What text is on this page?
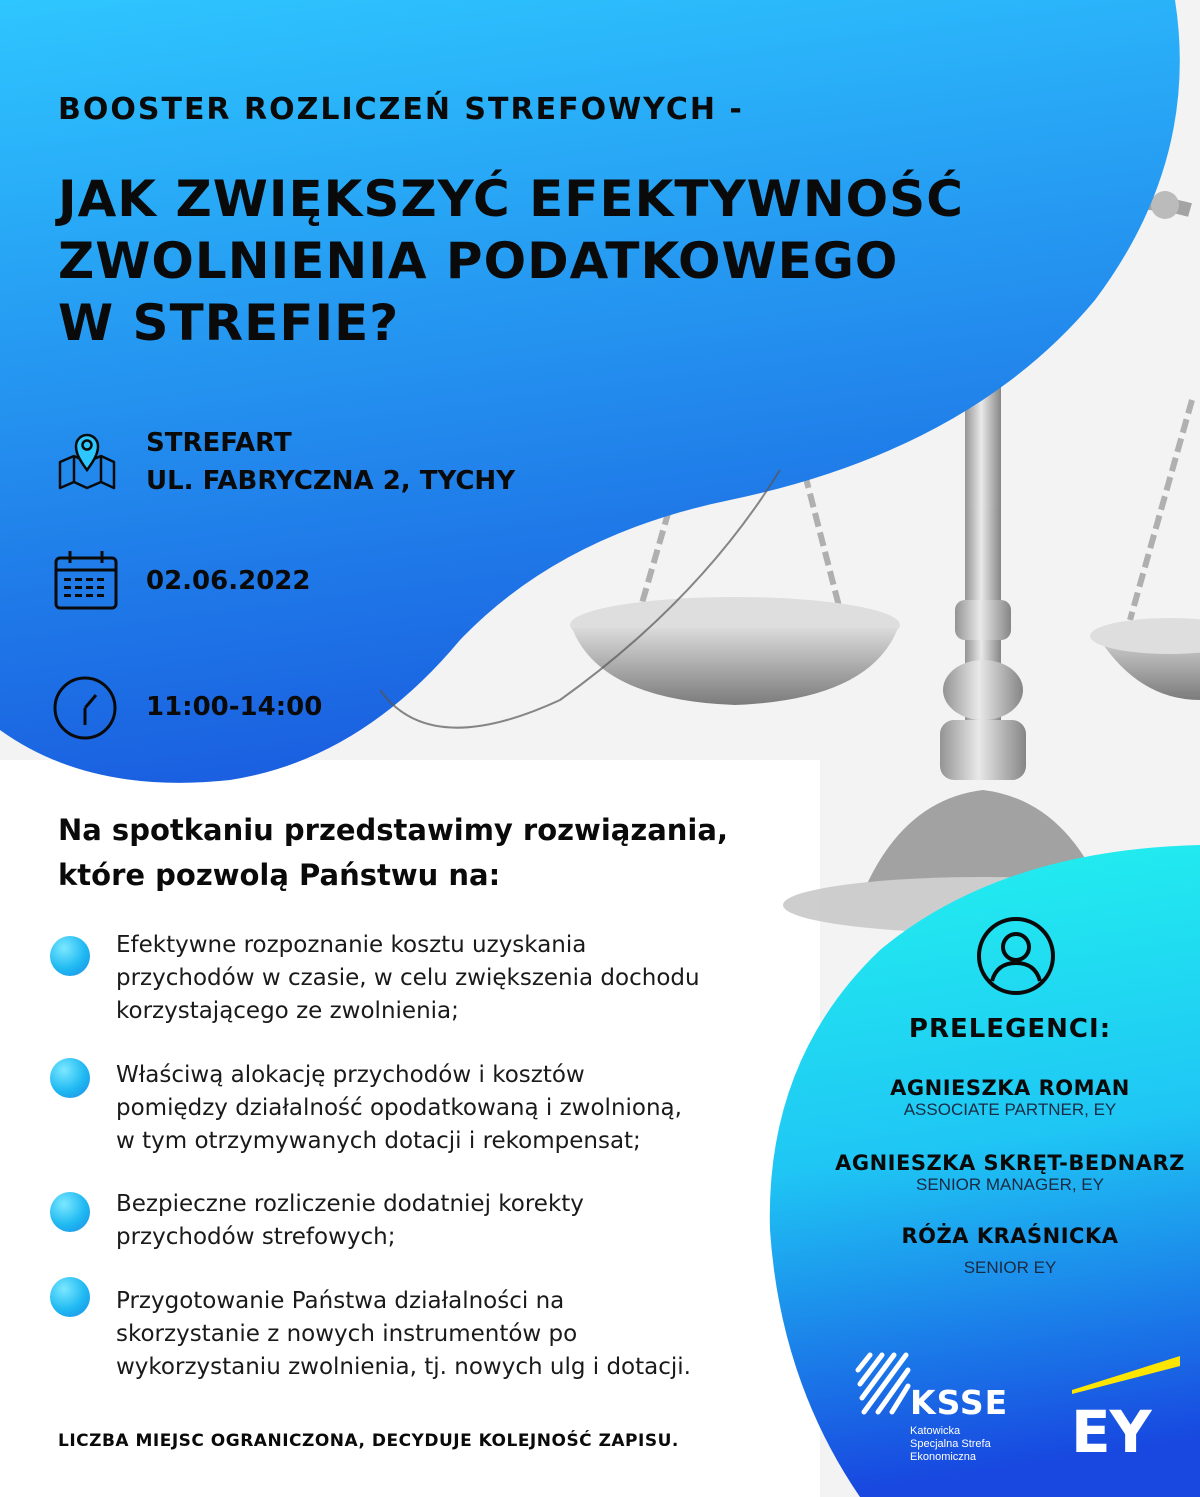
BOOSTER ROZLICZEŃ STREFOWYCH -
JAK ZWIĘKSZYĆ EFEKTYWNOŚĆ
ZWOLNIENIA PODATKOWEGO
W STREFIE?
STREFART
UL. FABRYCZNA 2, TYCHY
02.06.2022
11:00-14:00
Na spotkaniu przedstawimy rozwiązania,
które pozwolą Państwu na:
Efektywne rozpoznanie kosztu uzyskania
przychodów w czasie, w celu zwiększenia dochodu
korzystającego ze zwolnienia;
Właściwą alokację przychodów i kosztów
pomiędzy działalność opodatkowaną i zwolnioną,
w tym otrzymywanych dotacji i rekompensat;
Bezpieczne rozliczenie dodatniej korekty
przychodów strefowych;
Przygotowanie Państwa działalności na
skorzystanie z nowych instrumentów po
wykorzystaniu zwolnienia, tj. nowych ulg i dotacji.
LICZBA MIEJSC OGRANICZONA, DECYDUJE KOLEJNOŚĆ ZAPISU.
PRELEGENCI:
AGNIESZKA ROMAN
ASSOCIATE PARTNER, EY
AGNIESZKA SKRĘT-BEDNARZ
SENIOR MANAGER, EY
RÓŻA KRAŚNICKA
SENIOR EY
KSSE
Katowicka
Specjalna Strefa
Ekonomiczna EY
